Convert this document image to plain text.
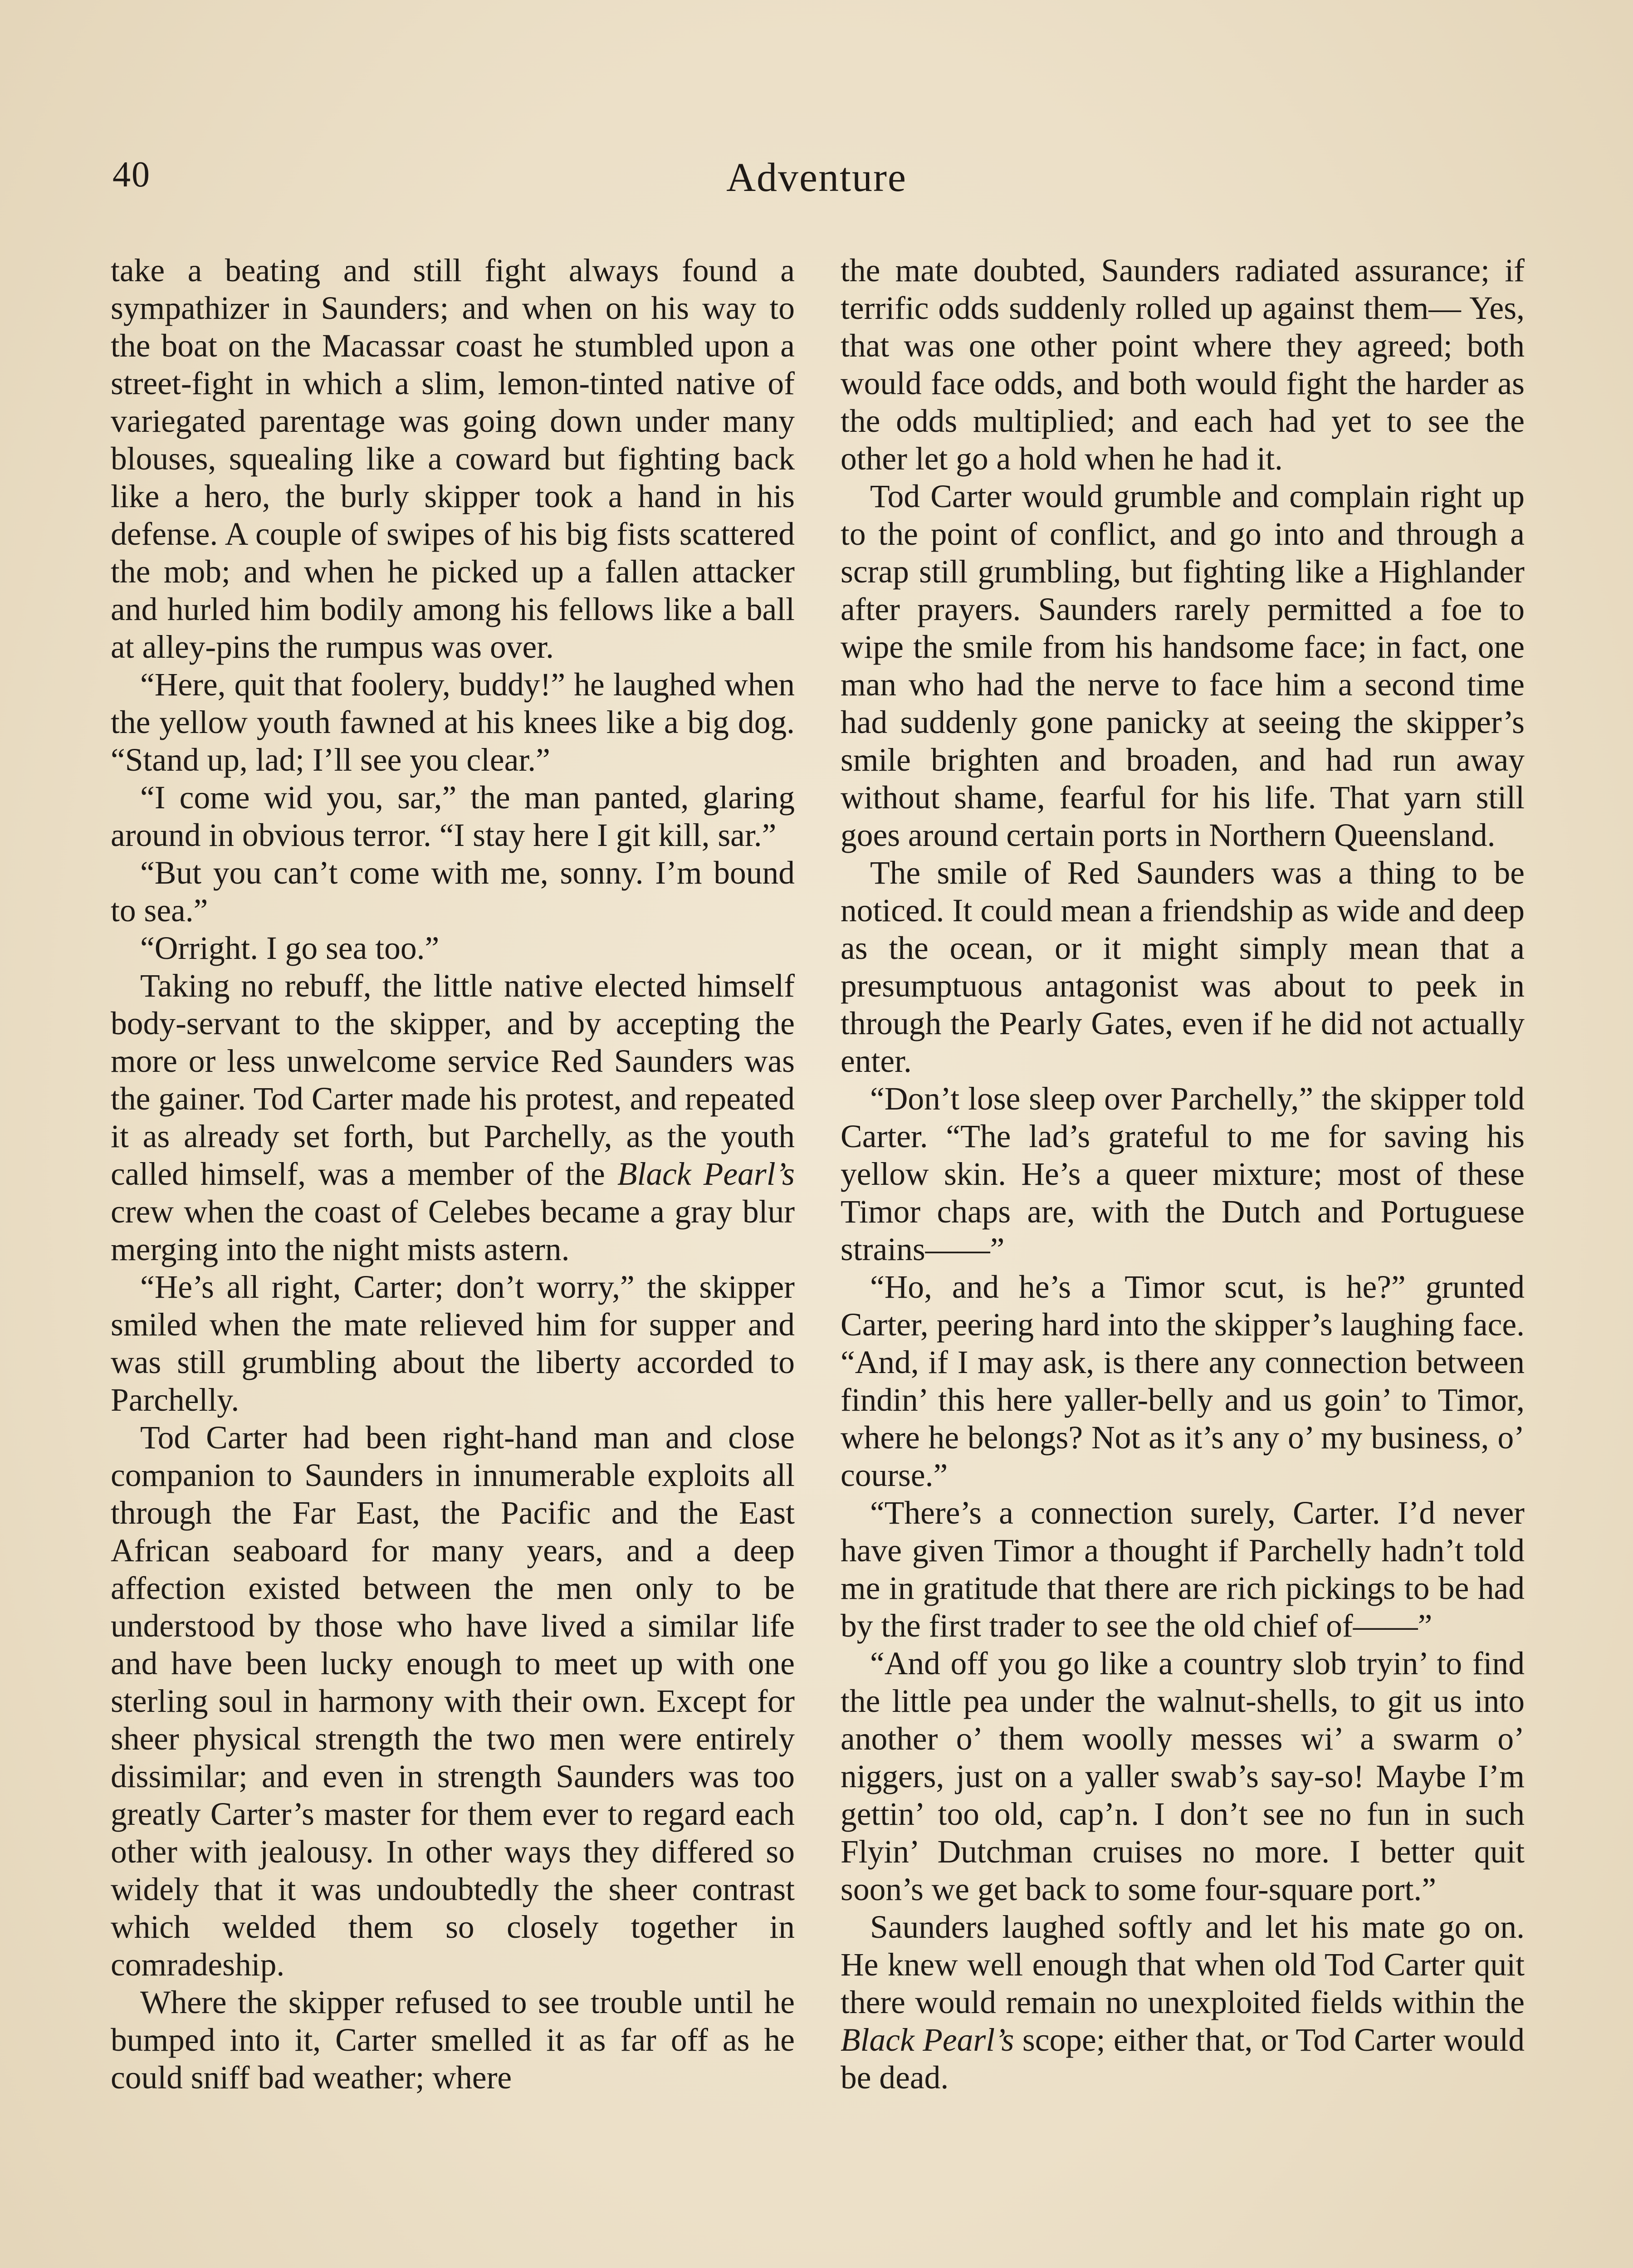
40	Adventure

take a beating and still fight always found a sympathizer in Saunders; and when on his way to the boat on the Macassar coast he stumbled upon a street-fight in which a slim, lemon-tinted native of variegated parentage was going down under many blouses, squealing like a coward but fighting back like a hero, the burly skipper took a hand in his defense. A couple of swipes of his big fists scattered the mob; and when he picked up a fallen attacker and hurled him bodily among his fellows like a ball at alley-pins the rumpus was over.

“Here, quit that foolery, buddy!” he laughed when the yellow youth fawned at his knees like a big dog. “Stand up, lad; I’ll see you clear.”

“I come wid you, sar,” the man panted, glaring around in obvious terror. “I stay here I git kill, sar.”

“But you can’t come with me, sonny. I’m bound to sea.”

“Orright. I go sea too.”

Taking no rebuff, the little native elected himself body-servant to the skipper, and by accepting the more or less unwelcome service Red Saunders was the gainer. Tod Carter made his protest, and repeated it as already set forth, but Parchelly, as the youth called himself, was a member of the Black Pearl’s crew when the coast of Celebes became a gray blur merging into the night mists astern.

“He’s all right, Carter; don’t worry,” the skipper smiled when the mate relieved him for supper and was still grumbling about the liberty accorded to Parchelly.

Tod Carter had been right-hand man and close companion to Saunders in innumerable exploits all through the Far East, the Pacific and the East African seaboard for many years, and a deep affection existed between the men only to be understood by those who have lived a similar life and have been lucky enough to meet up with one sterling soul in harmony with their own. Except for sheer physical strength the two men were entirely dissimilar; and even in strength Saunders was too greatly Carter’s master for them ever to regard each other with jealousy. In other ways they differed so widely that it was undoubtedly the sheer contrast which welded them so closely together in comradeship.

Where the skipper refused to see trouble until he bumped into it, Carter smelled it as far off as he could sniff bad weather; where

the mate doubted, Saunders radiated assurance; if terrific odds suddenly rolled up against them— Yes, that was one other point where they agreed; both would face odds, and both would fight the harder as the odds multiplied; and each had yet to see the other let go a hold when he had it.

Tod Carter would grumble and complain right up to the point of conflict, and go into and through a scrap still grumbling, but fighting like a Highlander after prayers. Saunders rarely permitted a foe to wipe the smile from his handsome face; in fact, one man who had the nerve to face him a second time had suddenly gone panicky at seeing the skipper’s smile brighten and broaden, and had run away without shame, fearful for his life. That yarn still goes around certain ports in Northern Queensland.

The smile of Red Saunders was a thing to be noticed. It could mean a friendship as wide and deep as the ocean, or it might simply mean that a presumptuous antagonist was about to peek in through the Pearly Gates, even if he did not actually enter.

“Don’t lose sleep over Parchelly,” the skipper told Carter. “The lad’s grateful to me for saving his yellow skin. He’s a queer mixture; most of these Timor chaps are, with the Dutch and Portuguese strains——”

“Ho, and he’s a Timor scut, is he?” grunted Carter, peering hard into the skipper’s laughing face. “And, if I may ask, is there any connection between findin’ this here yaller-belly and us goin’ to Timor, where he belongs? Not as it’s any o’ my business, o’ course.”

“There’s a connection surely, Carter. I’d never have given Timor a thought if Parchelly hadn’t told me in gratitude that there are rich pickings to be had by the first trader to see the old chief of——”

“And off you go like a country slob tryin’ to find the little pea under the walnut-shells, to git us into another o’ them woolly messes wi’ a swarm o’ niggers, just on a yaller swab’s say-so! Maybe I’m gettin’ too old, cap’n. I don’t see no fun in such Flyin’ Dutchman cruises no more. I better quit soon’s we get back to some four-square port.”

Saunders laughed softly and let his mate go on. He knew well enough that when old Tod Carter quit there would remain no unexploited fields within the Black Pearl’s scope; either that, or Tod Carter would be dead.
